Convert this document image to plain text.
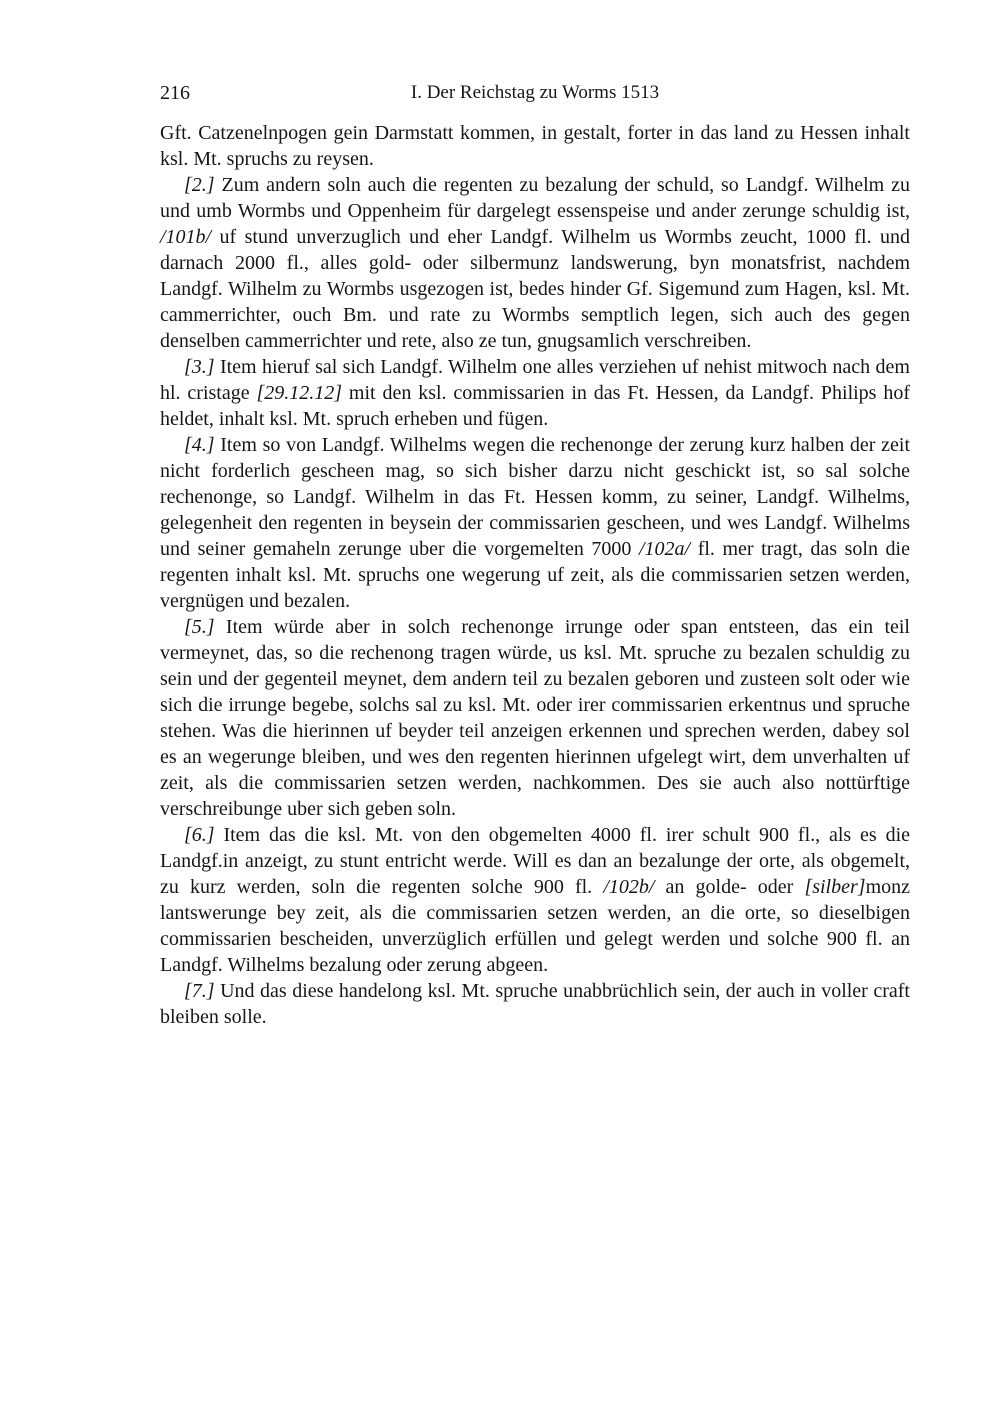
216	I. Der Reichstag zu Worms 1513

Gft. Catzenelnpogen gein Darmstatt kommen, in gestalt, forter in das land zu Hessen inhalt ksl. Mt. spruchs zu reysen.

[2.] Zum andern soln auch die regenten zu bezalung der schuld, so Landgf. Wilhelm zu und umb Wormbs und Oppenheim für dargelegt essenspeise und ander zerunge schuldig ist, /101b/ uf stund unverzuglich und eher Landgf. Wilhelm us Wormbs zeucht, 1000 fl. und darnach 2000 fl., alles gold- oder silbermunz landswerung, byn monatsfrist, nachdem Landgf. Wilhelm zu Wormbs usgezogen ist, bedes hinder Gf. Sigemund zum Hagen, ksl. Mt. cammerrichter, ouch Bm. und rate zu Wormbs semptlich legen, sich auch des gegen denselben cammerrichter und rete, also ze tun, gnugsamlich verschreiben.

[3.] Item hieruf sal sich Landgf. Wilhelm one alles verziehen uf nehist mitwoch nach dem hl. cristage [29.12.12] mit den ksl. commissarien in das Ft. Hessen, da Landgf. Philips hof heldet, inhalt ksl. Mt. spruch erheben und fügen.

[4.] Item so von Landgf. Wilhelms wegen die rechenonge der zerung kurz halben der zeit nicht forderlich gescheen mag, so sich bisher darzu nicht geschickt ist, so sal solche rechenonge, so Landgf. Wilhelm in das Ft. Hessen komm, zu seiner, Landgf. Wilhelms, gelegenheit den regenten in beysein der commissarien gescheen, und wes Landgf. Wilhelms und seiner gemaheln zerunge uber die vorgemelten 7000 /102a/ fl. mer tragt, das soln die regenten inhalt ksl. Mt. spruchs one wegerung uf zeit, als die commissarien setzen werden, vergnügen und bezalen.

[5.] Item würde aber in solch rechenonge irrunge oder span entsteen, das ein teil vermeynet, das, so die rechenong tragen würde, us ksl. Mt. spruche zu bezalen schuldig zu sein und der gegenteil meynet, dem andern teil zu bezalen geboren und zusteen solt oder wie sich die irrunge begebe, solchs sal zu ksl. Mt. oder irer commissarien erkentnus und spruche stehen. Was die hierinnen uf beyder teil anzeigen erkennen und sprechen werden, dabey sol es an wegerunge bleiben, und wes den regenten hierinnen ufgelegt wirt, dem unverhalten uf zeit, als die commissarien setzen werden, nachkommen. Des sie auch also nottürftige verschreibunge uber sich geben soln.

[6.] Item das die ksl. Mt. von den obgemelten 4000 fl. irer schult 900 fl., als es die Landgf.in anzeigt, zu stunt entricht werde. Will es dan an bezalunge der orte, als obgemelt, zu kurz werden, soln die regenten solche 900 fl. /102b/ an golde- oder [silber]monz lantswerunge bey zeit, als die commissarien setzen werden, an die orte, so dieselbigen commissarien bescheiden, unverzüglich erfüllen und gelegt werden und solche 900 fl. an Landgf. Wilhelms bezalung oder zerung abgeen.

[7.] Und das diese handelong ksl. Mt. spruche unabbrüchlich sein, der auch in voller craft bleiben solle.
